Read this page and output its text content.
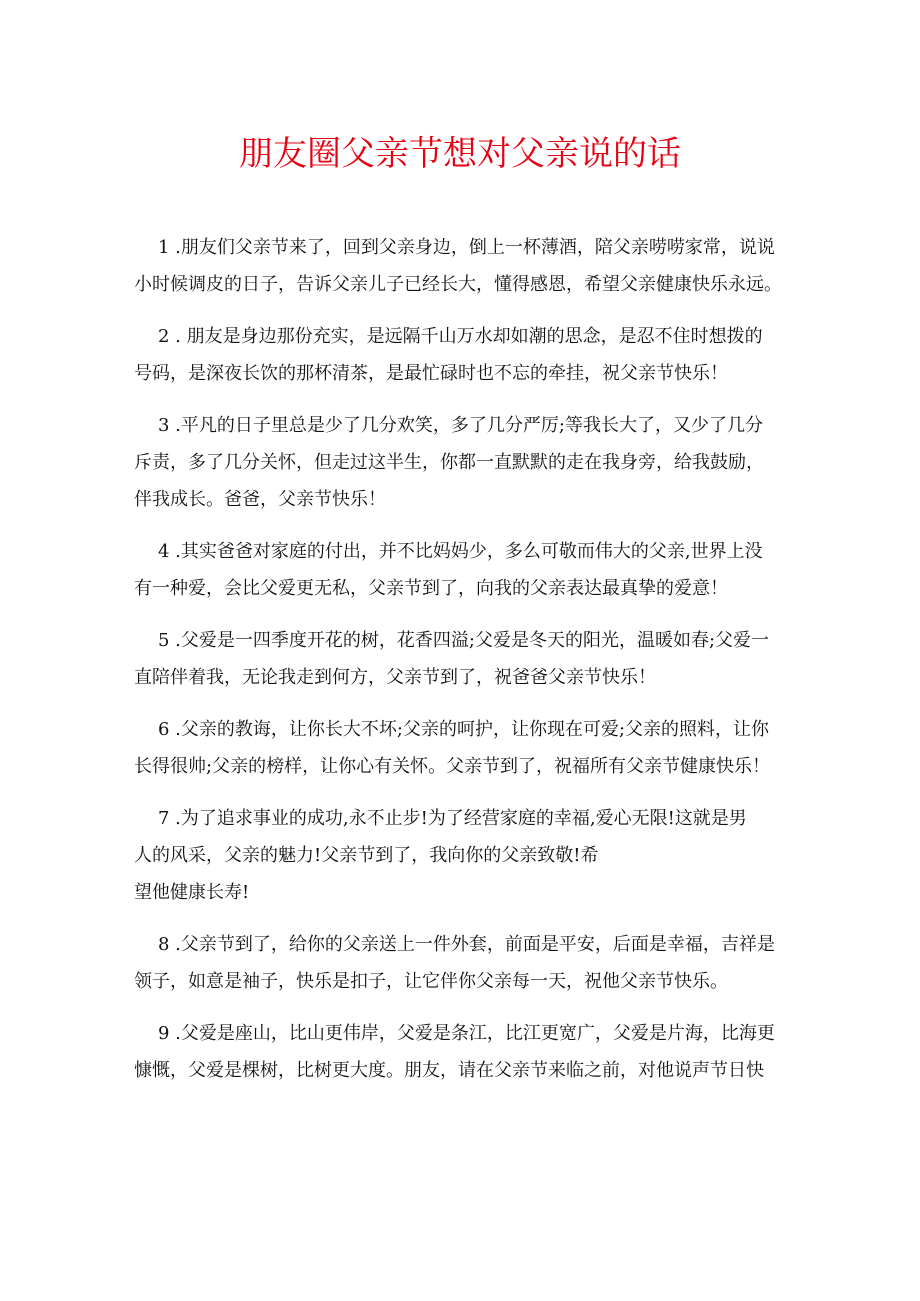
朋友圈父亲节想对父亲说的话
1 .朋友们父亲节来了，回到父亲身边，倒上一杯薄酒，陪父亲唠唠家常，说说
小时候调皮的日子，告诉父亲儿子已经长大，懂得感恩，希望父亲健康快乐永远。
2 . 朋友是身边那份充实，是远隔千山万水却如潮的思念，是忍不住时想拨的
号码，是深夜长饮的那杯清茶，是最忙碌时也不忘的牵挂，祝父亲节快乐！
3 .平凡的日子里总是少了几分欢笑，多了几分严厉;等我长大了，又少了几分
斥责，多了几分关怀，但走过这半生，你都一直默默的走在我身旁，给我鼓励，
伴我成长。爸爸，父亲节快乐！
4 .其实爸爸对家庭的付出，并不比妈妈少，多么可敬而伟大的父亲,世界上没
有一种爱，会比父爱更无私，父亲节到了，向我的父亲表达最真挚的爱意！
5 .父爱是一四季度开花的树，花香四溢;父爱是冬天的阳光，温暖如春;父爱一
直陪伴着我，无论我走到何方，父亲节到了，祝爸爸父亲节快乐！
6 .父亲的教诲，让你长大不坏;父亲的呵护，让你现在可爱;父亲的照料，让你
长得很帅;父亲的榜样，让你心有关怀。父亲节到了，祝福所有父亲节健康快乐！
7 .为了追求事业的成功,永不止步!为了经营家庭的幸福,爱心无限!这就是男
人的风采，父亲的魅力!父亲节到了，我向你的父亲致敬!希
望他健康长寿!
8 .父亲节到了，给你的父亲送上一件外套，前面是平安，后面是幸福，吉祥是
领子，如意是袖子，快乐是扣子，让它伴你父亲每一天，祝他父亲节快乐。
9 .父爱是座山，比山更伟岸，父爱是条江，比江更宽广，父爱是片海，比海更
慷慨，父爱是棵树，比树更大度。朋友，请在父亲节来临之前，对他说声节日快
